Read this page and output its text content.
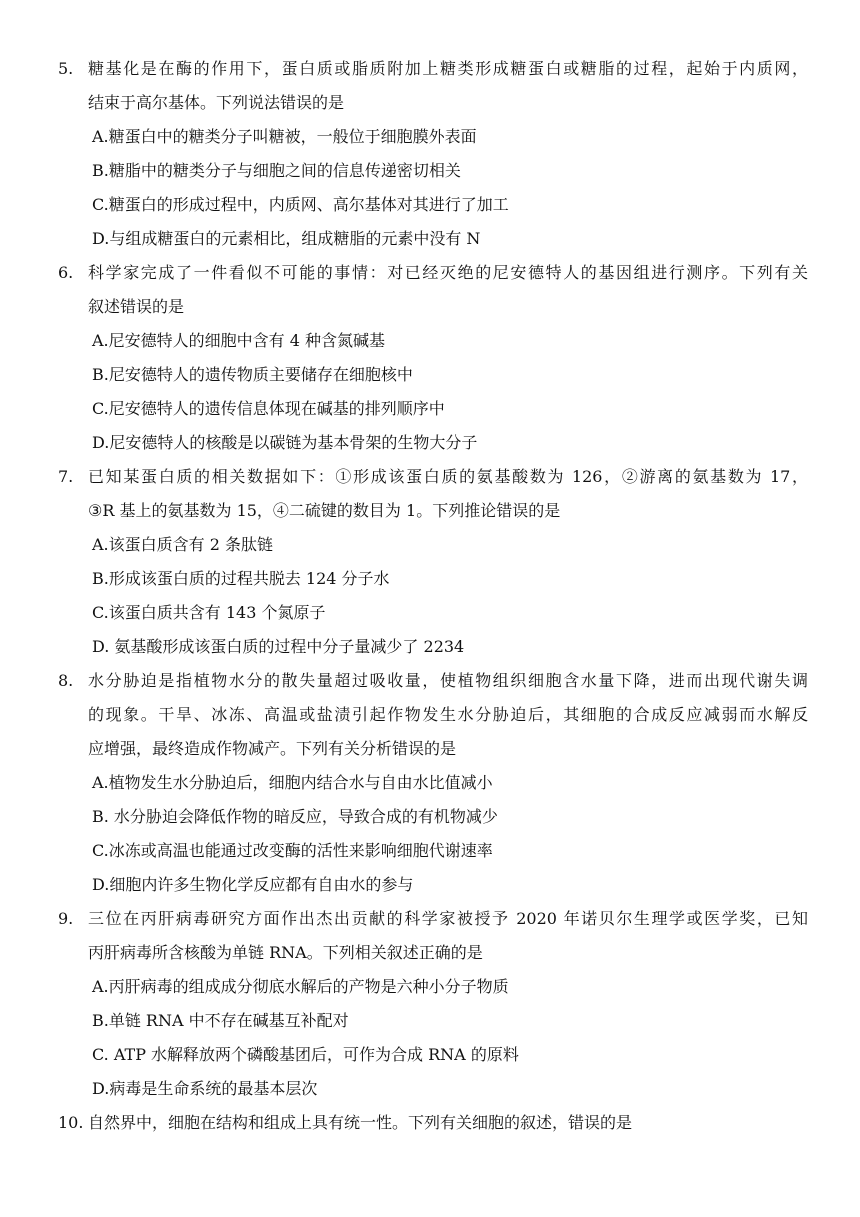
5. 糖基化是在酶的作用下，蛋白质或脂质附加上糖类形成糖蛋白或糖脂的过程，起始于内质网，
结束于高尔基体。下列说法错误的是
A.糖蛋白中的糖类分子叫糖被，一般位于细胞膜外表面
B.糖脂中的糖类分子与细胞之间的信息传递密切相关
C.糖蛋白的形成过程中，内质网、高尔基体对其进行了加工
D.与组成糖蛋白的元素相比，组成糖脂的元素中没有 N
6. 科学家完成了一件看似不可能的事情：对已经灭绝的尼安德特人的基因组进行测序。下列有关
叙述错误的是
A.尼安德特人的细胞中含有 4 种含氮碱基
B.尼安德特人的遗传物质主要储存在细胞核中
C.尼安德特人的遗传信息体现在碱基的排列顺序中
D.尼安德特人的核酸是以碳链为基本骨架的生物大分子
7. 已知某蛋白质的相关数据如下：①形成该蛋白质的氨基酸数为 126，②游离的氨基数为 17，
③R 基上的氨基数为 15，④二硫键的数目为 1。下列推论错误的是
A.该蛋白质含有 2 条肽链
B.形成该蛋白质的过程共脱去 124 分子水
C.该蛋白质共含有 143 个氮原子
D. 氨基酸形成该蛋白质的过程中分子量减少了 2234
8. 水分胁迫是指植物水分的散失量超过吸收量，使植物组织细胞含水量下降，进而出现代谢失调
的现象。干旱、冰冻、高温或盐渍引起作物发生水分胁迫后，其细胞的合成反应减弱而水解反
应增强，最终造成作物减产。下列有关分析错误的是
A.植物发生水分胁迫后，细胞内结合水与自由水比值减小
B. 水分胁迫会降低作物的暗反应，导致合成的有机物减少
C.冰冻或高温也能通过改变酶的活性来影响细胞代谢速率
D.细胞内许多生物化学反应都有自由水的参与
9. 三位在丙肝病毒研究方面作出杰出贡献的科学家被授予 2020 年诺贝尔生理学或医学奖，已知
丙肝病毒所含核酸为单链 RNA。下列相关叙述正确的是
A.丙肝病毒的组成成分彻底水解后的产物是六种小分子物质
B.单链 RNA 中不存在碱基互补配对
C. ATP 水解释放两个磷酸基团后，可作为合成 RNA 的原料
D.病毒是生命系统的最基本层次
10. 自然界中，细胞在结构和组成上具有统一性。下列有关细胞的叙述，错误的是
